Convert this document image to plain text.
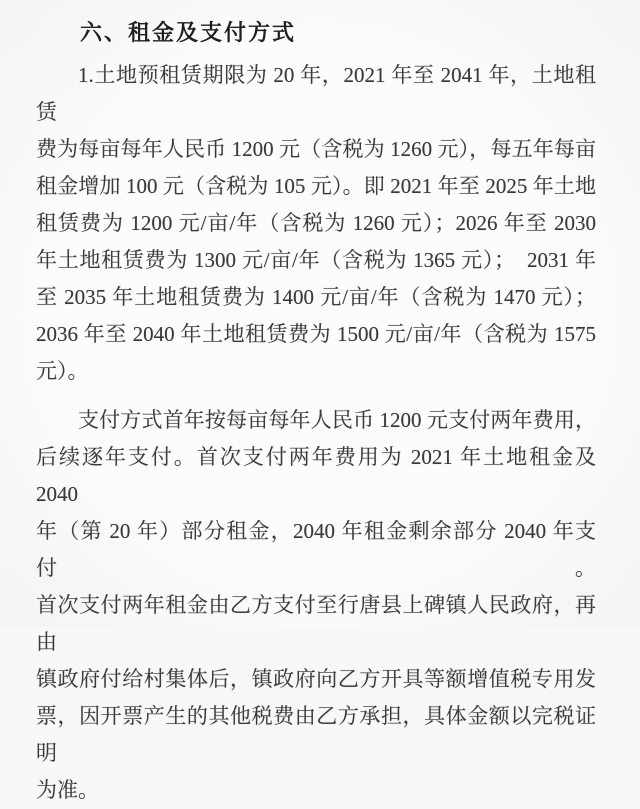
六、租金及支付方式
1.土地预租赁期限为 20 年，2021 年至 2041 年，土地租赁
费为每亩每年人民币 1200 元（含税为 1260 元），每五年每亩
租金增加 100 元（含税为 105 元）。即 2021 年至 2025 年土地
租赁费为 1200 元/亩/年（含税为 1260 元）；2026 年至 2030
年土地租赁费为 1300 元/亩/年（含税为 1365 元）；　2031 年
至 2035 年土地租赁费为 1400 元/亩/年（含税为 1470 元）；
2036 年至 2040 年土地租赁费为 1500 元/亩/年（含税为 1575
元）。
支付方式首年按每亩每年人民币 1200 元支付两年费用，
后续逐年支付。首次支付两年费用为 2021 年土地租金及 2040
年（第 20 年）部分租金，2040 年租金剩余部分 2040 年支付。
首次支付两年租金由乙方支付至行唐县上碑镇人民政府，再由
镇政府付给村集体后，镇政府向乙方开具等额增值税专用发
票，因开票产生的其他税费由乙方承担，具体金额以完税证明
为准。
